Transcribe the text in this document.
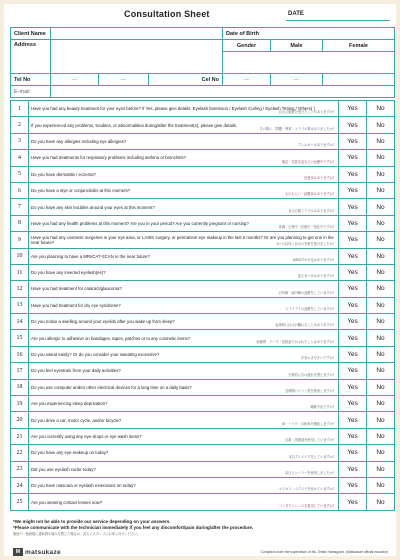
Consultation Sheet	DATE
Client Name				Date of Birth		
Address				Gender	Male	Female

Tel No	—	—	Cel No	—	—	
E-mail						
1	Have you had any beauty treatment for your eyes before? If Yes, please give details: Eyelash Extension / Eyelash Curling / Eyelash Tinting / Others( )
目元の施術を受けたことがありますか？	Yes	No
2	If you experienced any problems, troubles, or abnormalities during/after the treatment(s), please give details.
その際に、問題・異常・トラブル等はありましたか？	Yes	No
3	Do you have any allergies including eye allergies?
アレルギーはありますか？	Yes	No
4	Have you had treatments for respiratory problems including asthma or bronchitis?
喘息・気管支炎などの治療中ですか？	Yes	No
5	Do you have dermatitis / eczema?
皮膚炎はありますか？	Yes	No
6	Do you have a stye or conjunctivitis at this moment?
ものもらい・結膜炎はありますか？	Yes	No
7	Do you have any skin troubles around your eyes at this moment?
目元の肌トラブルはありますか？	Yes	No
8	Have you had any health problems at this moment? Are you in your period? Are you currently pregnant or nursing?
体調・生理中・妊娠中・授乳中ですか？	Yes	No
9	Have you had any cosmetic surgeries in your eye area, or LASIK surgery, or permanent eye makeup in the last 6 months? Or are you planning to get one in the near future? 6ヶ月以内に目元の手術を受けましたか？	Yes	No
10	Are you planning to have a MRI/CAT-SCAN in the near future?
MRI/CTの予定はありますか？	Yes	No
11	Do you have any inverted eyelash(es)?
逆さまつげはありますか？	Yes	No
12	Have you had treatment for cataract/glaucoma?
白内障・緑内障の治療をしていますか？	Yes	No
13	Have you had treatment for dry eye syndrome?
ドライアイの治療をしていますか？	Yes	No
14	Do you notice a swelling around your eyelids after you wake up from sleep?
起床時に目元が腫れることはありますか？	Yes	No
15	Are you allergic to adhesive on bandages, tapes, patches or to any cosmetic items?
絆創膏・テープ・化粧品でかぶれたことはありますか？	Yes	No
16	Do you sweat easily? Or do you consider your sweating excessive?
汗をかきやすいですか？	Yes	No
17	Do you feel eyestrain from your daily activities?
日常的に目の疲れを感じますか？	Yes	No
18	Do you use computer and/or other electrical devices for a long time on a daily basis?
長時間パソコン等を使用しますか？	Yes	No
19	Are you experiencing sleep deprivation?
睡眠不足ですか？	Yes	No
20	Do you drive a car, motor cycle, and/or bicycle?
車・バイク・自転車を運転しますか？	Yes	No
21	Are you currently using any eye-drops or eye wash items?
目薬・洗眼剤を使用していますか？	Yes	No
22	Do you have any eye-makeup on today?
本日アイメイクをしていますか？	Yes	No
23	Did you use eyelash curler today?
本日ビューラーを使用しましたか？	Yes	No
24	Do you have mascara or eyelash extensions on today?
マスカラ・エクステを付けていますか？	Yes	No
25	Are you wearing contact lenses now?
コンタクトレンズを着用していますか？	Yes	No
*We might not be able to provide our service depending on your answers.
*Please communicate with the technician immediately if you feel any discomfort/pain during/after the procedure.
施術中・施術後に違和感や痛みを感じた場合は、直ちにスタッフにお申し付けください。
M matsukaze	Compiled under the supervision of Ms. Emiko Yamaguchi. (Matsukaze official educator)
